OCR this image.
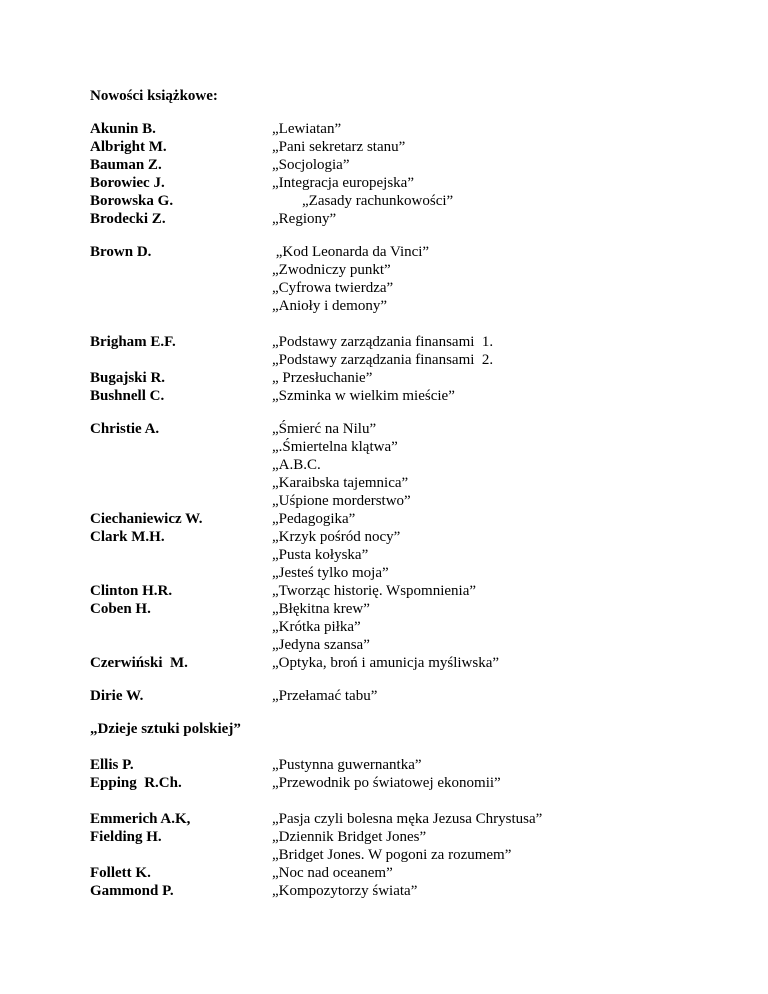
Nowości książkowe:
Akunin B.
Albright M.
Bauman Z.
Borowiec J.
Borowska G.
Brodecki Z.
Brown D.
Brigham E.F.
Bugajski R.
Bushnell C.
Christie A.
Ciechaniewicz W.
Clark M.H.
Clinton H.R.
Coben H.
Czerwiński  M.
Dirie W.
„Dzieje sztuki polskiej”
Ellis P.
Epping  R.Ch.
Emmerich A.K,
Fielding H.
Follett K.
Gammond P.
„Lewiatan”
„Pani sekretarz stanu”
„Socjologia”
„Integracja europejska”
„Zasady rachunkowości”
„Regiony”
„Kod Leonarda da Vinci”
„Zwodniczy punkt”
„Cyfrowa twierdza”
„Anioły i demony”
„Podstawy zarządzania finansami  1.
„Podstawy zarządzania finansami  2.
„ Przesłuchanie”
„Szminka w wielkim mieście”
„Śmierć na Nilu”
„.Śmiertelna klątwa”
„A.B.C.
„Karaibska tajemnica”
„Uśpione morderstwo”
„Pedagogika”
„Krzyk pośród nocy”
„Pusta kołyska”
„Jesteś tylko moja”
„Tworząc historię. Wspomnienia”
„Błękitna krew”
„Krótka piłka”
„Jedyna szansa”
„Optyka, broń i amunicja myśliwska”
„Przełamać tabu”
„Pustynna guwernantka”
„Przewodnik po światowej ekonomii”
„Pasja czyli bolesna męka Jezusa Chrystusa”
„Dziennik Bridget Jones”
„Bridget Jones. W pogoni za rozumem”
„Noc nad oceanem”
„Kompozytorzy świata”
